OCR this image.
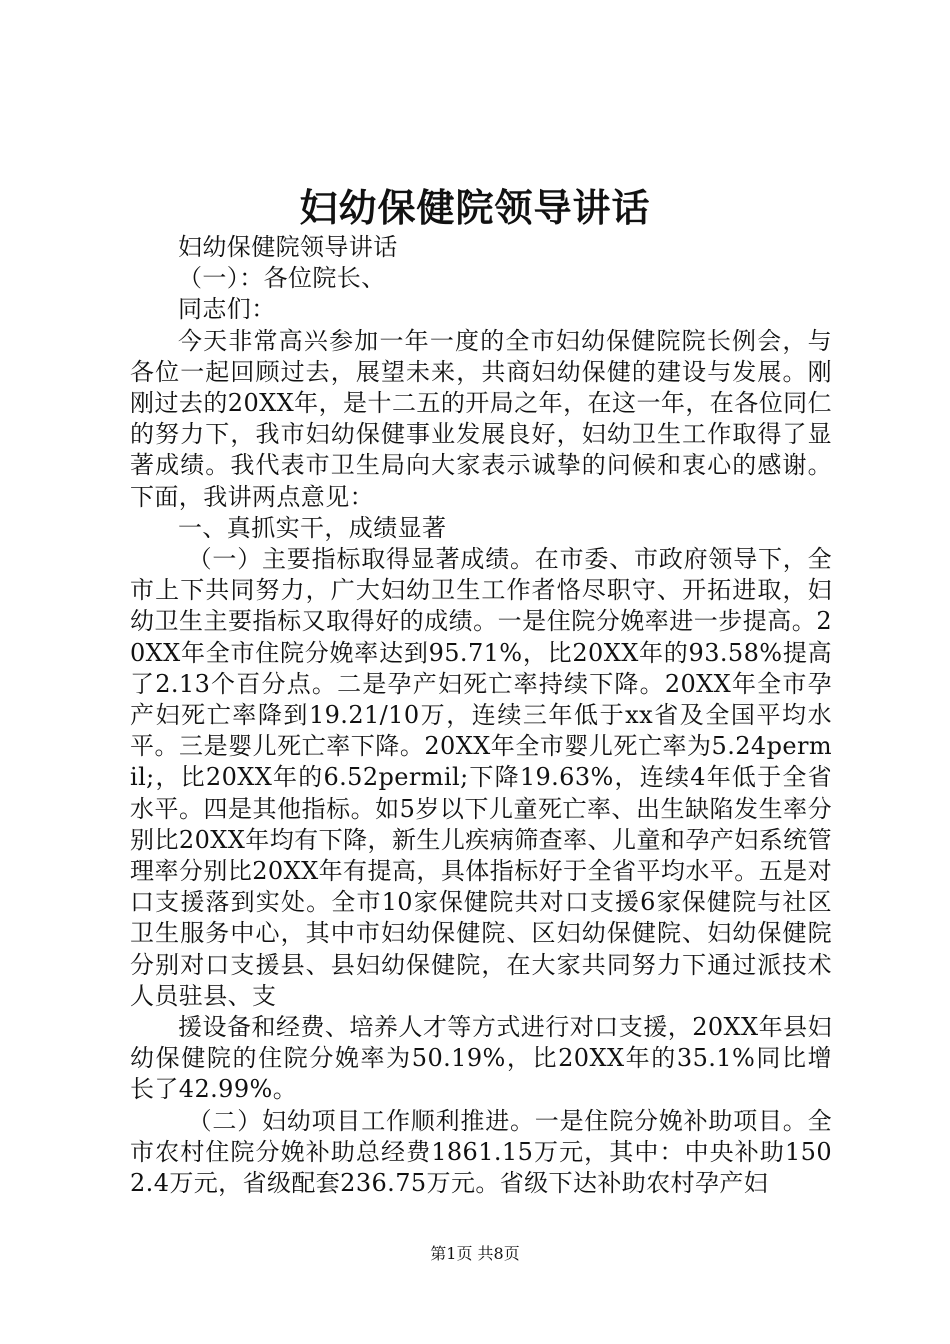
妇幼保健院领导讲话

妇幼保健院领导讲话

（一）：各位院长、

同志们：

今天非常高兴参加一年一度的全市妇幼保健院院长例会，与各位一起回顾过去，展望未来，共商妇幼保健的建设与发展。刚刚过去的20XX年，是十二五的开局之年，在这一年，在各位同仁的努力下，我市妇幼保健事业发展良好，妇幼卫生工作取得了显著成绩。我代表市卫生局向大家表示诚挚的问候和衷心的感谢。下面，我讲两点意见：

一、真抓实干，成绩显著

（一）主要指标取得显著成绩。在市委、市政府领导下，全市上下共同努力，广大妇幼卫生工作者恪尽职守、开拓进取，妇幼卫生主要指标又取得好的成绩。一是住院分娩率进一步提高。20XX年全市住院分娩率达到95.71%，比20XX年的93.58%提高了2.13个百分点。二是孕产妇死亡率持续下降。20XX年全市孕产妇死亡率降到19.21/10万，连续三年低于xx省及全国平均水平。三是婴儿死亡率下降。20XX年全市婴儿死亡率为5.24permil;，比20XX年的6.52permil;下降19.63%，连续4年低于全省水平。四是其他指标。如5岁以下儿童死亡率、出生缺陷发生率分别比20XX年均有下降，新生儿疾病筛查率、儿童和孕产妇系统管理率分别比20XX年有提高，具体指标好于全省平均水平。五是对口支援落到实处。全市10家保健院共对口支援6家保健院与社区卫生服务中心，其中市妇幼保健院、区妇幼保健院、妇幼保健院分别对口支援县、县妇幼保健院，在大家共同努力下通过派技术人员驻县、支

援设备和经费、培养人才等方式进行对口支援，20XX年县妇幼保健院的住院分娩率为50.19%，比20XX年的35.1%同比增长了42.99%。

（二）妇幼项目工作顺利推进。一是住院分娩补助项目。全市农村住院分娩补助总经费1861.15万元，其中：中央补助1502.4万元，省级配套236.75万元。省级下达补助农村孕产妇

第1页 共8页
